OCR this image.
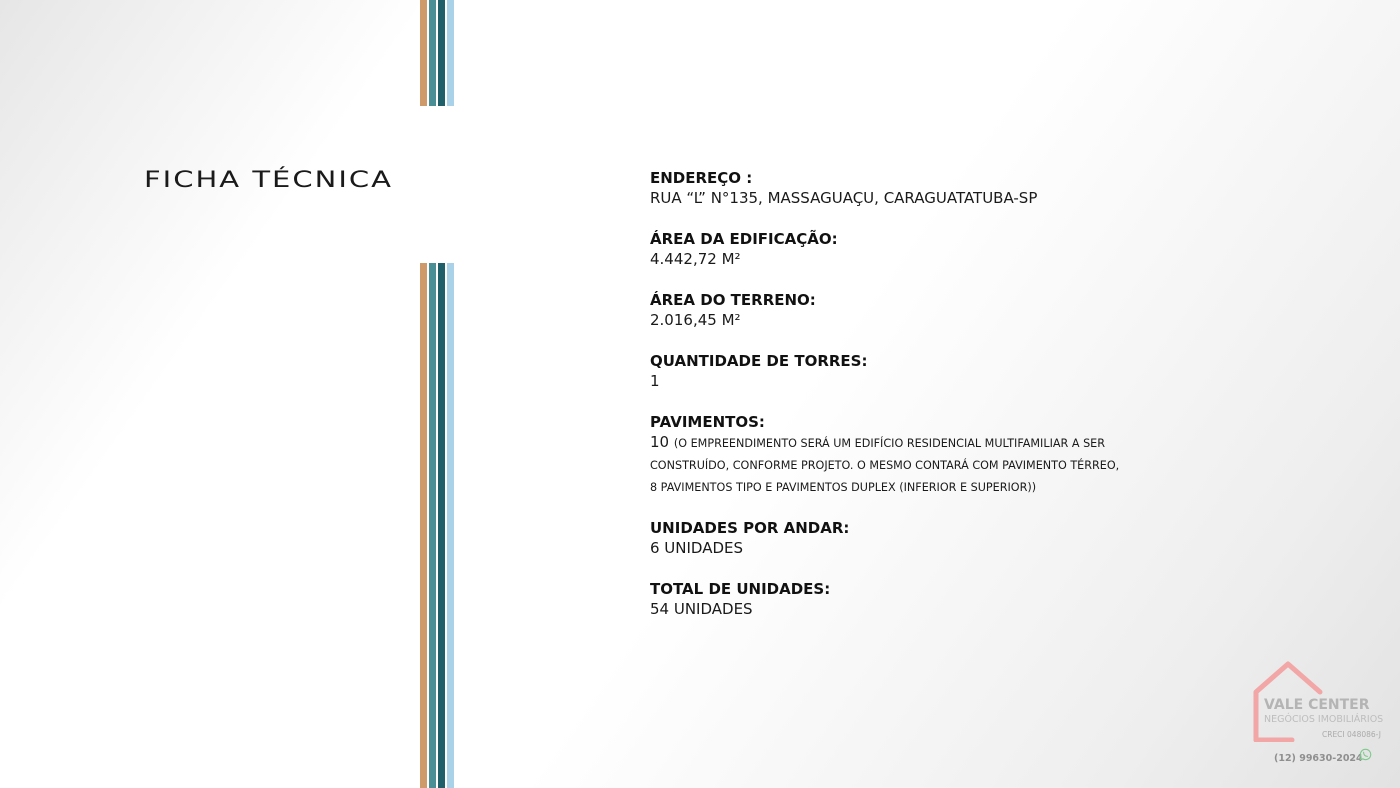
FICHA TÉCNICA	ENDEREÇO :
RUA “L” N°135, MASSAGUAÇU, CARAGUATATUBA-SP
ÁREA DA EDIFICAÇÃO:
4.442,72 M²
ÁREA DO TERRENO:
2.016,45 M²
QUANTIDADE DE TORRES:
1
PAVIMENTOS:
10 (O EMPREENDIMENTO SERÁ UM EDIFÍCIO RESIDENCIAL MULTIFAMILIAR A SER CONSTRUÍDO, CONFORME PROJETO. O MESMO CONTARÁ COM PAVIMENTO TÉRREO, 8 PAVIMENTOS TIPO E PAVIMENTOS DUPLEX (INFERIOR E SUPERIOR))
UNIDADES POR ANDAR:
6 UNIDADES
TOTAL DE UNIDADES:
54 UNIDADES
VALE CENTER
NEGÓCIOS IMOBILIÁRIOS
CRECI 048086-J
(12) 99630-2024
